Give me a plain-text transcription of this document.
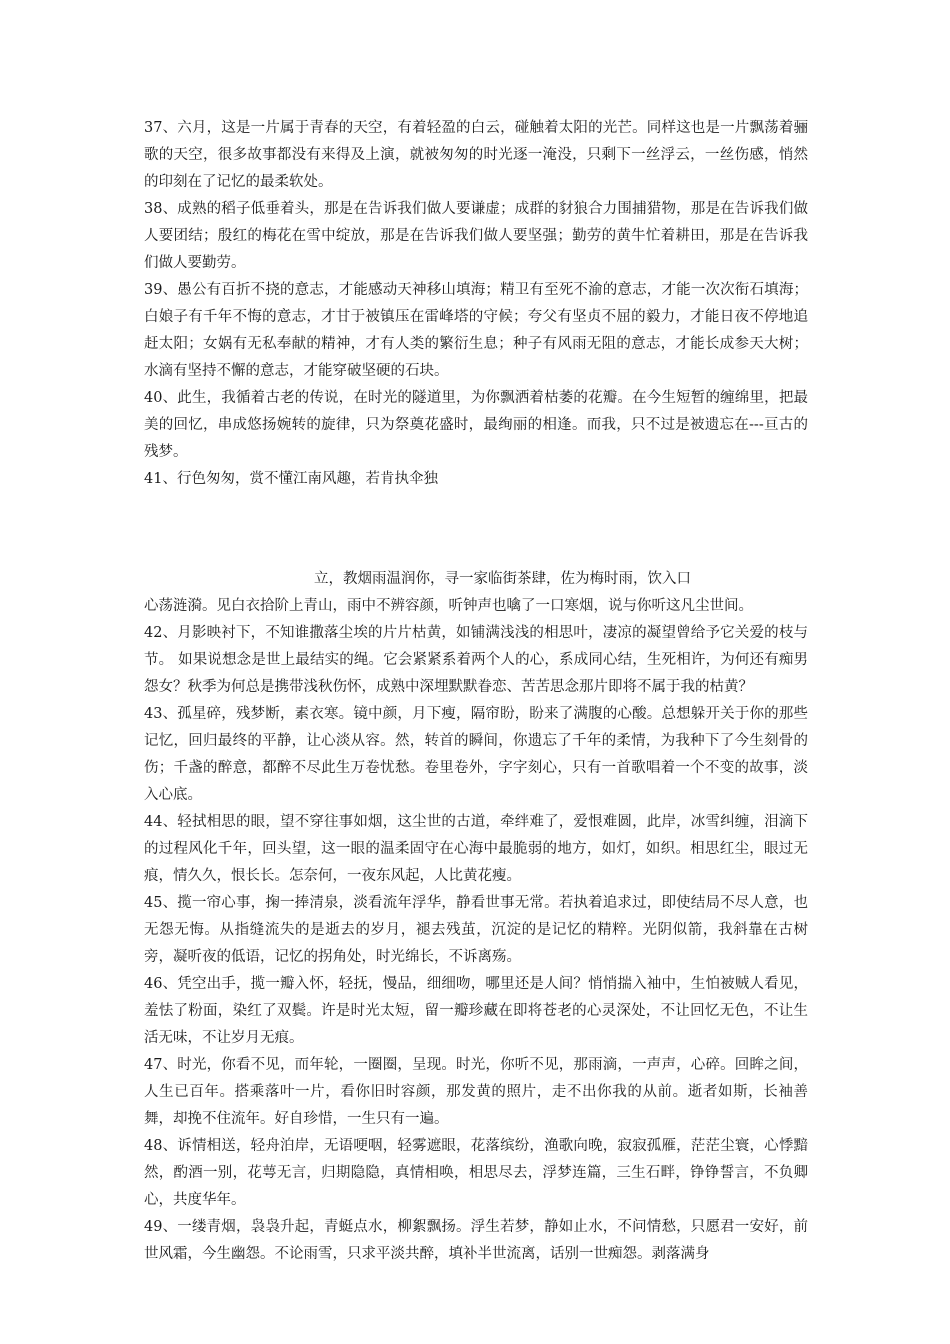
37、六月，这是一片属于青春的天空，有着轻盈的白云，碰触着太阳的光芒。同样这也是一片飘荡着骊歌的天空，很多故事都没有来得及上演，就被匆匆的时光逐一淹没，只剩下一丝浮云，一丝伤感，悄然的印刻在了记忆的最柔软处。

38、成熟的稻子低垂着头，那是在告诉我们做人要谦虚；成群的豺狼合力围捕猎物，那是在告诉我们做人要团结；殷红的梅花在雪中绽放，那是在告诉我们做人要坚强；勤劳的黄牛忙着耕田，那是在告诉我们做人要勤劳。

39、愚公有百折不挠的意志，才能感动天神移山填海；精卫有至死不渝的意志，才能一次次衔石填海；白娘子有千年不悔的意志，才甘于被镇压在雷峰塔的守候；夸父有坚贞不屈的毅力，才能日夜不停地追赶太阳；女娲有无私奉献的精神，才有人类的繁衍生息；种子有风雨无阻的意志，才能长成参天大树；水滴有坚持不懈的意志，才能穿破坚硬的石块。

40、此生，我循着古老的传说，在时光的隧道里，为你飘洒着枯萎的花瓣。在今生短暂的缠绵里，把最美的回忆，串成悠扬婉转的旋律，只为祭奠花盛时，最绚丽的相逢。而我，只不过是被遗忘在---亘古的残梦。

41、行色匆匆，赏不懂江南风趣，若肯执伞独

立，教烟雨温润你，寻一家临街茶肆，佐为梅时雨，饮入口

心荡涟漪。见白衣拾阶上青山，雨中不辨容颜，听钟声也噙了一口寒烟，说与你听这凡尘世间。

42、月影映衬下，不知谁撒落尘埃的片片枯黄，如铺满浅浅的相思叶，凄凉的凝望曾给予它关爱的枝与节。 如果说想念是世上最结实的绳。它会紧紧系着两个人的心，系成同心结，生死相许，为何还有痴男怨女？秋季为何总是携带浅秋伤怀，成熟中深埋默默眷恋、苦苦思念那片即将不属于我的枯黄？

43、孤星碎，残梦断，素衣寒。镜中颜，月下瘦，隔帘盼，盼来了满腹的心酸。总想躲开关于你的那些记忆，回归最终的平静，让心淡从容。然，转首的瞬间，你遗忘了千年的柔情，为我种下了今生刻骨的伤；千盏的醉意，都醉不尽此生万卷忧愁。卷里卷外，字字刻心，只有一首歌唱着一个不变的故事，淡入心底。

44、轻拭相思的眼，望不穿往事如烟，这尘世的古道，牵绊难了，爱恨难圆，此岸，冰雪纠缠，泪滴下的过程风化千年，回头望，这一眼的温柔固守在心海中最脆弱的地方，如灯，如织。相思红尘，眼过无痕，情久久，恨长长。怎奈何，一夜东风起，人比黄花瘦。

45、揽一帘心事，掬一捧清泉，淡看流年浮华，静看世事无常。若执着追求过，即使结局不尽人意，也无怨无悔。从指缝流失的是逝去的岁月，褪去残茧，沉淀的是记忆的精粹。光阴似箭，我斜靠在古树旁，凝听夜的低语，记忆的拐角处，时光绵长，不诉离殇。

46、凭空出手，揽一瓣入怀，轻抚，慢品，细细吻，哪里还是人间？悄悄揣入袖中，生怕被贼人看见，羞怯了粉面，染红了双鬓。许是时光太短，留一瓣珍藏在即将苍老的心灵深处，不让回忆无色，不让生活无味，不让岁月无痕。

47、时光，你看不见，而年轮，一圈圈，呈现。时光，你听不见，那雨滴，一声声，心碎。回眸之间，人生已百年。搭乘落叶一片，看你旧时容颜，那发黄的照片，走不出你我的从前。逝者如斯，长袖善舞，却挽不住流年。好自珍惜，一生只有一遍。

48、诉情相送，轻舟泊岸，无语哽咽，轻雾遮眼，花落缤纷，渔歌向晚，寂寂孤雁，茫茫尘寰，心悸黯然，酌酒一别，花萼无言，归期隐隐，真情相唤，相思尽去，浮梦连篇，三生石畔，铮铮誓言，不负卿心，共度华年。

49、一缕青烟，袅袅升起，青蜓点水，柳絮飘扬。浮生若梦，静如止水，不问情愁，只愿君一安好，前世风霜，今生幽怨。不论雨雪，只求平淡共醉，填补半世流离，话别一世痴怨。剥落满身
